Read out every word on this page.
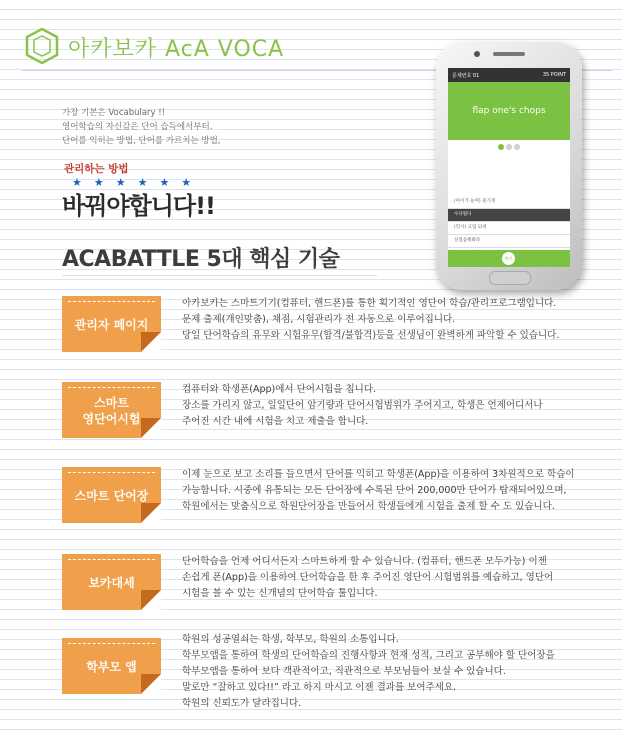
아카보카 AcA VOCA

가장 기본은 Vocabulary !!

영어학습의 자신감은 단어 습득에서부터.

단어를 익히는 방법, 단어를 가르치는 방법,

관리하는 방법
★★★★★★
바꿔야합니다!!
ACABATTLE 5대 핵심 기술
문제번호 01	35 POINT
flap one's chops
(아이가 놀며) 즐기게
수다떨다
(민사) 고립 되세
살얼음해봐라
확인
관리자 페이지

아카보카는 스마트기기(컴퓨터, 핸드폰)를 통한 획기적인 영단어 학습/관리프로그램입니다.

문제 출제(개인맞춤), 채점, 시험관리가 전 자동으로 이루어집니다.

당일 단어학습의 유무와 시험유무(합격/불합격)등을 선생님이 완벽하게 파악할 수 있습니다.

스마트
영단어시험

컴퓨터와 학생폰(App)에서 단어시험을 칩니다.

장소를 가리지 않고, 일일단어 암기량과 단어시험범위가 주어지고, 학생은 언제어디서나

주어진 시간 내에 시험을 치고 제출을 합니다.

스마트 단어장

이제 눈으로 보고 소리를 들으면서 단어를 익히고 학생폰(App)을 이용하여 3차원적으로 학습이

가능합니다. 시중에 유통되는 모든 단어장에 수록된 단어 200,000만 단어가 탑재되어있으며,

학원에서는 맞춤식으로 학원단어장을 만들어서 학생들에게 시험을 출제 할 수 도 있습니다.

보카대세

단어학습을 언제 어디서든지 스마트하게 할 수 있습니다. (컴퓨터, 핸드폰 모두가능) 이젠

손쉽게 폰(App)을 이용하여 단어학습을 한 후 주어진 영단어 시험범위를 예습하고, 영단어

시험을 볼 수 있는 신개념의 단어학습 툴입니다.

학부모 앱

학원의 성공열쇠는 학생, 학부모, 학원의 소통입니다.

학부모앱을 통하여 학생의 단어학습의 진행사항과 현재 성적, 그리고 공부해야 할 단어장을

학부모앱을 통하여 보다 객관적이고, 직관적으로 부모님들이 보실 수 있습니다.

말로만 “잘하고 있다!!” 라고 하지 마시고 이젠 결과를 보여주세요.

학원의 신뢰도가 달라집니다.
